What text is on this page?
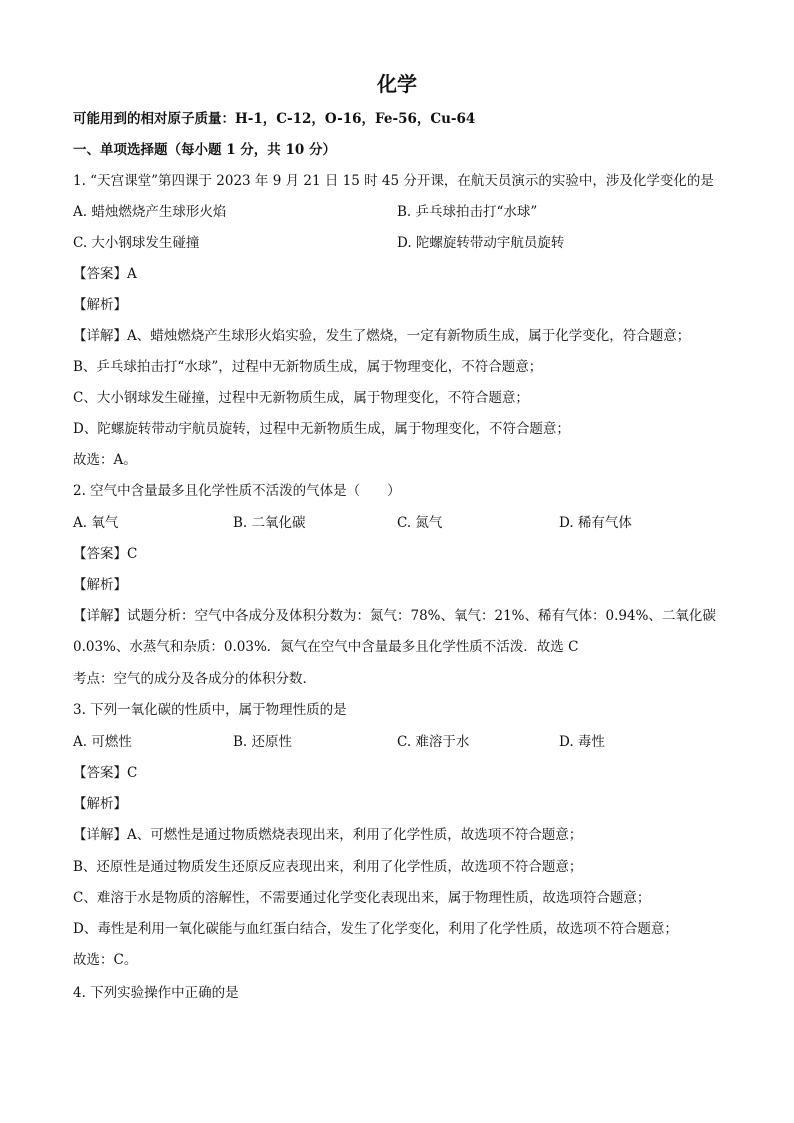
化学
可能用到的相对原子质量：H-1，C-12，O-16，Fe-56，Cu-64
一、单项选择题（每小题 1 分，共 10 分）
1. “天宫课堂”第四课于 2023 年 9 月 21 日 15 时 45 分开课，在航天员演示的实验中，涉及化学变化的是
A. 蜡烛燃烧产生球形火焰	B. 乒乓球拍击打“水球”
C. 大小钢球发生碰撞	D. 陀螺旋转带动宇航员旋转
【答案】A
【解析】
【详解】A、蜡烛燃烧产生球形火焰实验，发生了燃烧，一定有新物质生成，属于化学变化，符合题意；
B、乒乓球拍击打“水球”，过程中无新物质生成，属于物理变化，不符合题意；
C、大小钢球发生碰撞，过程中无新物质生成，属于物理变化，不符合题意；
D、陀螺旋转带动宇航员旋转，过程中无新物质生成，属于物理变化，不符合题意；
故选：A。
2. 空气中含量最多且化学性质不活泼的气体是（　　）
A. 氧气	B. 二氧化碳	C. 氮气	D. 稀有气体
【答案】C
【解析】
【详解】试题分析：空气中各成分及体积分数为：氮气：78%、氧气：21%、稀有气体：0.94%、二氧化碳
0.03%、水蒸气和杂质：0.03%．氮气在空气中含量最多且化学性质不活泼．故选 C
考点：空气的成分及各成分的体积分数．
3. 下列一氧化碳的性质中，属于物理性质的是
A. 可燃性	B. 还原性	C. 难溶于水	D. 毒性
【答案】C
【解析】
【详解】A、可燃性是通过物质燃烧表现出来，利用了化学性质，故选项不符合题意；
B、还原性是通过物质发生还原反应表现出来，利用了化学性质，故选项不符合题意；
C、难溶于水是物质的溶解性，不需要通过化学变化表现出来，属于物理性质，故选项符合题意；
D、毒性是利用一氧化碳能与血红蛋白结合，发生了化学变化，利用了化学性质，故选项不符合题意；
故选：C。
4. 下列实验操作中正确的是
